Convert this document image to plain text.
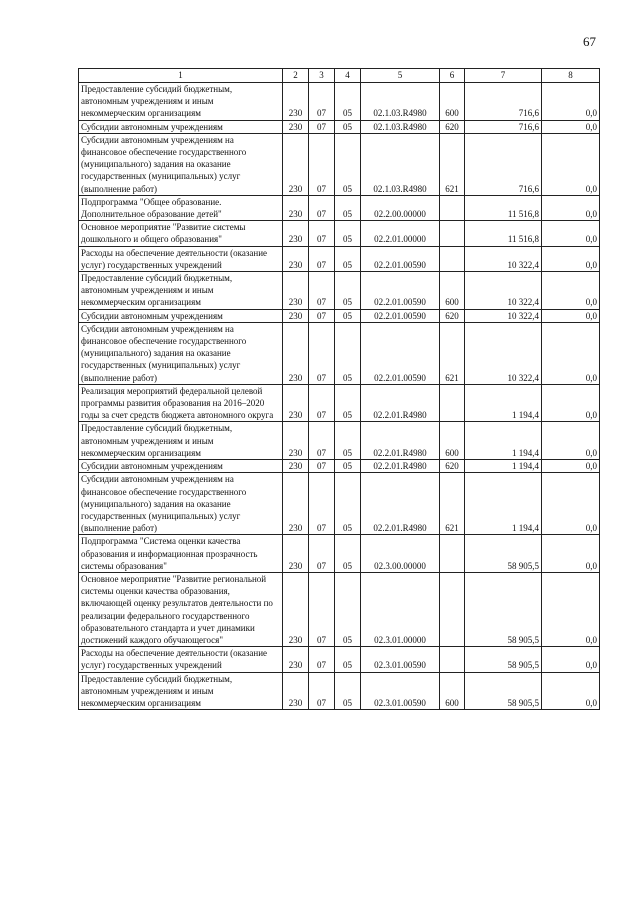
67
1	2	3	4	5	6	7	8

Предоставление субсидий бюджетным, автономным учреждениям и иным некоммерческим организациям	230	07	05	02.1.03.R4980	600	716,6	0,0

Субсидии автономным учреждениям	230	07	05	02.1.03.R4980	620	716,6	0,0

Субсидии автономным учреждениям на финансовое обеспечение государственного (муниципального) задания на оказание государственных (муниципальных) услуг (выполнение работ)	230	07	05	02.1.03.R4980	621	716,6	0,0

Подпрограмма "Общее образование. Дополнительное образование детей"	230	07	05	02.2.00.00000		11 516,8	0,0

Основное мероприятие "Развитие системы дошкольного и общего образования"	230	07	05	02.2.01.00000		11 516,8	0,0

Расходы на обеспечение деятельности (оказание услуг) государственных учреждений	230	07	05	02.2.01.00590		10 322,4	0,0

Предоставление субсидий бюджетным, автономным учреждениям и иным некоммерческим организациям	230	07	05	02.2.01.00590	600	10 322,4	0,0

Субсидии автономным учреждениям	230	07	05	02.2.01.00590	620	10 322,4	0,0

Субсидии автономным учреждениям на финансовое обеспечение государственного (муниципального) задания на оказание государственных (муниципальных) услуг (выполнение работ)	230	07	05	02.2.01.00590	621	10 322,4	0,0

Реализация мероприятий федеральной целевой программы развития образования на 2016–2020 годы за счет средств бюджета автономного округа	230	07	05	02.2.01.R4980		1 194,4	0,0

Предоставление субсидий бюджетным, автономным учреждениям и иным некоммерческим организациям	230	07	05	02.2.01.R4980	600	1 194,4	0,0

Субсидии автономным учреждениям	230	07	05	02.2.01.R4980	620	1 194,4	0,0

Субсидии автономным учреждениям на финансовое обеспечение государственного (муниципального) задания на оказание государственных (муниципальных) услуг (выполнение работ)	230	07	05	02.2.01.R4980	621	1 194,4	0,0

Подпрограмма "Система оценки качества образования и информационная прозрачность системы образования"	230	07	05	02.3.00.00000		58 905,5	0,0

Основное мероприятие "Развитие региональной системы оценки качества образования, включающей оценку результатов деятельности по реализации федерального государственного образовательного стандарта и учет динамики достижений каждого обучающегося"	230	07	05	02.3.01.00000		58 905,5	0,0

Расходы на обеспечение деятельности (оказание услуг) государственных учреждений	230	07	05	02.3.01.00590		58 905,5	0,0

Предоставление субсидий бюджетным, автономным учреждениям и иным некоммерческим организациям	230	07	05	02.3.01.00590	600	58 905,5	0,0
